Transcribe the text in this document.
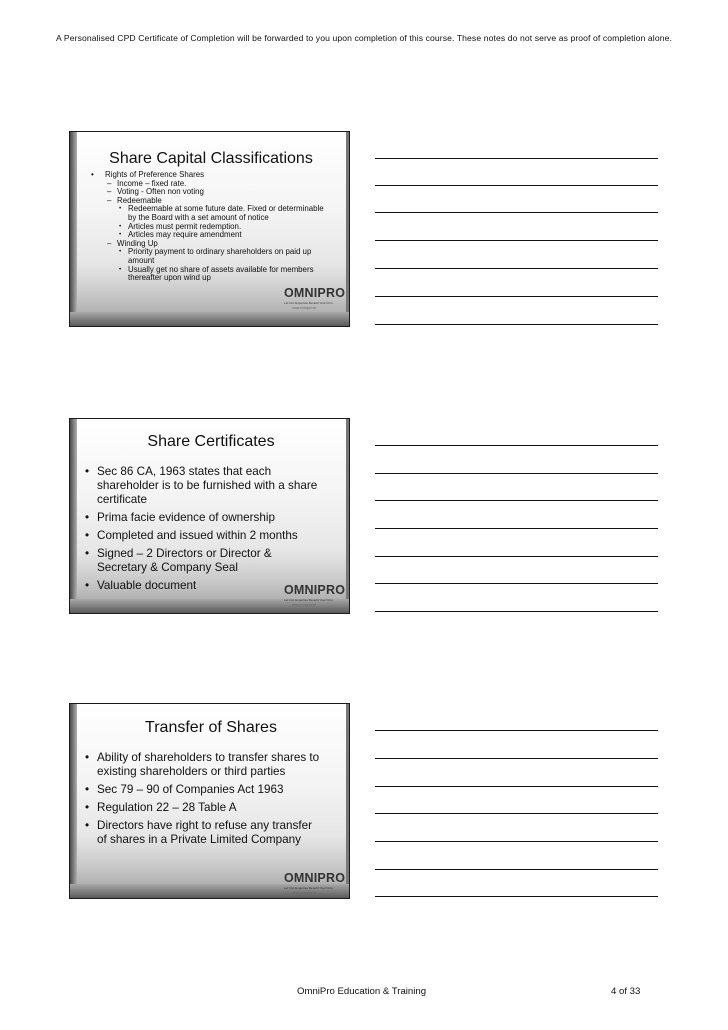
A Personalised CPD Certificate of Completion will be forwarded to you upon completion of this course. These notes do not serve as proof of completion alone.
Share Capital Classifications
• Rights of Preference Shares
– Income – fixed rate.
– Voting - Often non voting
– Redeemable
• Redeemable at some future date. Fixed or determinable
by the Board with a set amount of notice
• Articles must permit redemption.
• Articles may require amendment
– Winding Up
• Priority payment to ordinary shareholders on paid up
amount
• Usually get no share of assets available for members
thereafter upon wind up
OMNIPRO
Let Our Expertise Benefit Your Firm
www.omnipro.ie
Share Certificates
• Sec 86 CA, 1963 states that each
shareholder is to be furnished with a share
certificate
• Prima facie evidence of ownership
• Completed and issued within 2 months
• Signed – 2 Directors or Director &
Secretary & Company Seal
• Valuable document	OMNIPRO
Let Our Expertise Benefit Your Firm
www.omnipro.ie
Transfer of Shares
• Ability of shareholders to transfer shares to
existing shareholders or third parties
• Sec 79 – 90 of Companies Act 1963
• Regulation 22 – 28 Table A
• Directors have right to refuse any transfer
of shares in a Private Limited Company
OMNIPRO
Let Our Expertise Benefit Your Firm
www.omnipro.ie
OmniPro Education & Training	4 of 33
